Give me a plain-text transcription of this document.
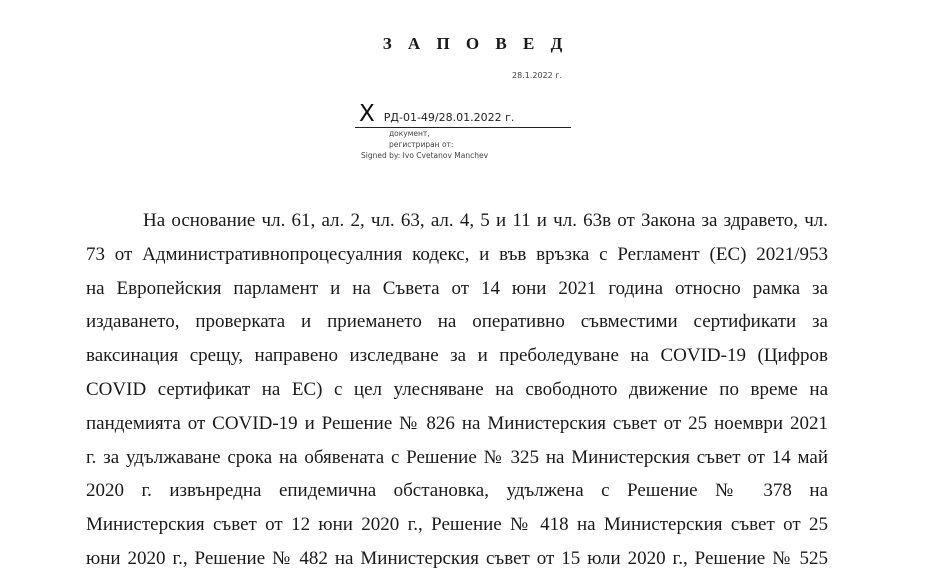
З А П О В Е Д
28.1.2022 г.
X РД-01-49/28.01.2022 г.
документ,
регистриран от:
Signed by: Ivo Cvetanov Manchev
На основание чл. 61, ал. 2, чл. 63, ал. 4, 5 и 11 и чл. 63в от Закона за здравето, чл.
73 от Административнопроцесуалния кодекс, и във връзка с Регламент (ЕС) 2021/953
на Европейския парламент и на Съвета от 14 юни 2021 година относно рамка за
издаването, проверката и приемането на оперативно съвместими сертификати за
ваксинация срещу, направено изследване за и преболедуване на COVID-19 (Цифров
COVID сертификат на ЕС) с цел улесняване на свободното движение по време на
пандемията от COVID-19 и Решение № 826 на Министерския съвет от 25 ноември 2021
г. за удължаване срока на обявената с Решение № 325 на Министерския съвет от 14 май
2020 г. извънредна епидемична обстановка, удължена с Решение № 378 на
Министерския съвет от 12 юни 2020 г., Решение № 418 на Министерския съвет от 25
юни 2020 г., Решение № 482 на Министерския съвет от 15 юли 2020 г., Решение № 525
